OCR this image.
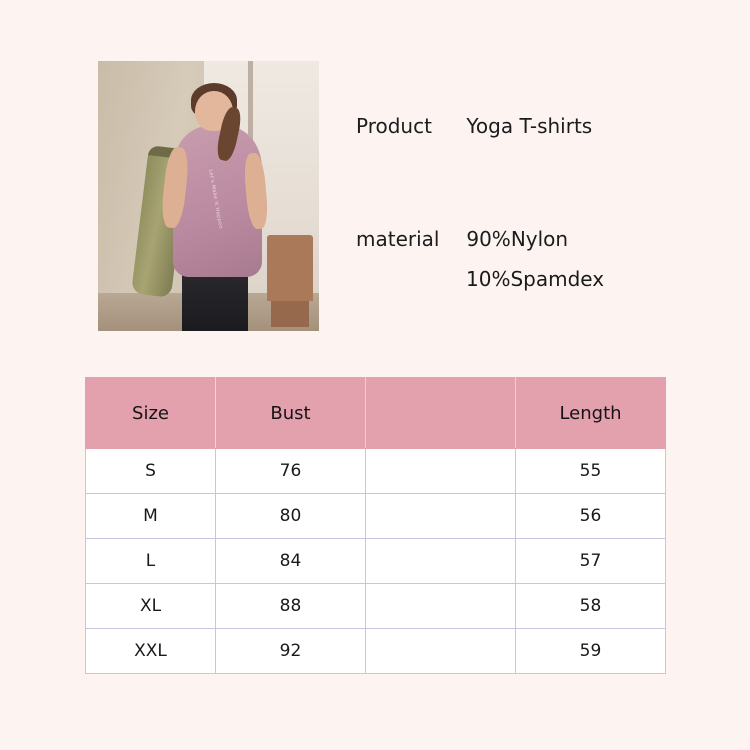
Let's Make It Happen
Product Yoga T-shirts
material 90%Nylon
10%Spamdex
Size	Bust		Length
S	76		55
M	80		56
L	84		57
XL	88		58
XXL	92		59
